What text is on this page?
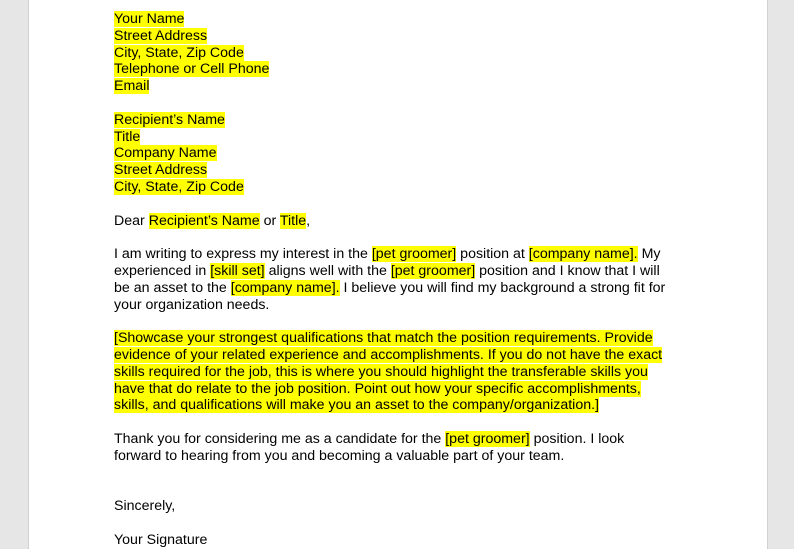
Your Name
Street Address
City, State, Zip Code
Telephone or Cell Phone
Email
Recipient’s Name
Title
Company Name
Street Address
City, State, Zip Code

Dear Recipient’s Name or Title,

I am writing to express my interest in the [pet groomer] position at [company name]. My
experienced in [skill set] aligns well with the [pet groomer] position and I know that I will
be an asset to the [company name]. I believe you will find my background a strong fit for
your organization needs.

[Showcase your strongest qualifications that match the position requirements. Provide
evidence of your related experience and accomplishments. If you do not have the exact
skills required for the job, this is where you should highlight the transferable skills you
have that do relate to the job position. Point out how your specific accomplishments,
skills, and qualifications will make you an asset to the company/organization.]

Thank you for considering me as a candidate for the [pet groomer] position. I look
forward to hearing from you and becoming a valuable part of your team.

Sincerely,

Your Signature
